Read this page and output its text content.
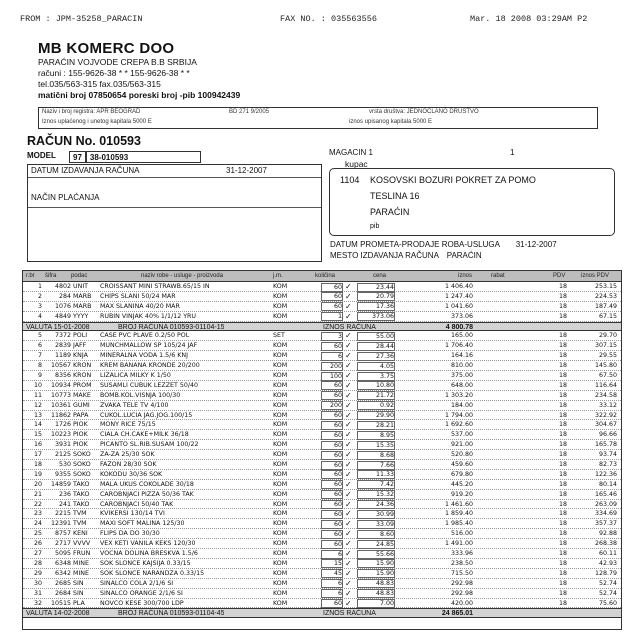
FROM : JPM-35258_PARACIN	FAX NO. : 035563556	Mar. 18 2008 03:29AM P2
MB KOMERC DOO
PARAĆIN VOJVODE CREPA B.B SRBIJA
računi : 155-9626-38 * * 155-9626-38 * *
tel.035/563-315 fax.035/563-315
matični broj 07850654 poreski broj -pib 100942439
Naziv i broj registra: APR BEOGRAD	BD 271 9/2005	vrsta društva: JEDNOČLANO DRUŠTVO
Iznos uplaćenog i unetog kapitala 5000 E	iznos upisanog kapitala 5000 E
RAČUN No. 010593
MODEL	97	38-010593
DATUM IZDAVANJA RAČUNA	31-12-2007
NAČIN PLAĆANJA
MAGACIN 1	1
kupac
1104 KOSOVSKI BOZURI POKRET ZA POMO
TESLINA 16
PARAĆIN
pib
DATUM PROMETA-PRODAJE ROBA-USLUGA 31-12-2007
MESTO IZDAVANJA RAČUNA PARAĆIN
r.br šifra podac	naziv robe - usluge - proizvoda	j.m.	količina	cena	iznos	rabat	PDV	iznos PDV
1	4802 UNIT	CROISSANT MINI STRAWB.65/15 IN	KOM	60	23.44	1 406.40	18	253.15
✓
2	284 MARB	CHIPS SLANI 50/24 MAR	KOM	60	20.79	1 247.40	18	224.53
✓
3	1076 MARB	MAX SLANINA 40/20 MAR	KOM	60	17.36	1 041.60	18	187.49
✓
4	4849 YYYY	RUBIN VINJAK 40% 1/1/12 YRU	KOM	1	373.06	373.06	18	67.15
✓
VALUTA 15-01-2008	BROJ RAČUNA 010593-01104-15	IZNOS RAČUNA	4 800.78
5	7372 POLI	CASE PVC PLAVE 0.2/50 POL	SET	3	55.00	165.00	18	29.70
✓
6	2839 JAFF	MUNCHMALLOW SP 105/24 JAF	KOM	60	28.44	1 706.40	18	307.15
✓
7	1189 KNJA	MINERALNA VODA 1.5/6 KNJ	KOM	6	27.36	164.16	18	29.55
✓
8	10567 KRON	KREM BANANA KRONDE 20/200	KOM	200	4.05	810.00	18	145.80
✓
9	8356 KRON	LIZALICA MILKY K 1/50	KOM	100	3.75	375.00	18	67.50
✓
10	10934 PROM	SUSAMLI CUBUK LEZZET 50/40	KOM	60	10.80	648.00	18	116.64
✓
11	10773 MAKE	BOMB.KOL.VISNJA 100/30	KOM	60	21.72	1 303.20	18	234.58
✓
12	10361 GUMI	ZVAKA TELE TV 4/100	KOM	200	0.92	184.00	18	33.12
✓
13	11862 PAPA	CUKOL.LUCIA JAG.JOG.100/15	KOM	60	29.90	1 794.00	18	322.92
✓
14	1726 PIOK	MONY RICE 75/15	KOM	60	28.21	1 692.60	18	304.67
✓
15	10223 PIOK	CIALA CH.CAKE+MILK 36/18	KOM	60	8.95	537.00	18	96.66
✓
16	3931 PIOK	PICANTO SL.RIB.SUSAM 100/22	KOM	60	15.35	921.00	18	165.78
✓
17	2125 SOKO	ZA-ZA 25/30 SOK	KOM	60	8.68	520.80	18	93.74
✓
18	530 SOKO	FAZON 28/30 SOK	KOM	60	7.66	459.60	18	82.73
✓
19	9355 SOKO	KOKODU 30/36 SOK	KOM	60	11.33	679.80	18	122.36
✓
20	14859 TAKO	MALA UKUS COKOLADE 30/18	KOM	60	7.42	445.20	18	80.14
✓
21	236 TAKO	CAROBNJACI PIZZA 50/36 TAK	KOM	60	15.32	919.20	18	165.46
✓
22	241 TAKO	CAROBNJACI 50/40 TAK	KOM	60	24.36	1 461.60	18	263.09
✓
23	2215 TVM	KVIKERSI 130/14 TVI	KOM	60	30.99	1 859.40	18	334.69
✓
24	12391 TVM	MAXI SOFT MALINA 125/30	KOM	60	33.09	1 985.40	18	357.37
✓
25	8757 KENI	FLIPS DA DO 30/30	KOM	60	8.60	516.00	18	92.88
✓
26	2717 VVVV	VEX KETI VANILA KEKS 120/30	KOM	60	24.85	1 491.00	18	268.38
✓
27	5095 FRUN	VOCNA DOLINA BRESKVA 1.5/6	KOM	6	55.66	333.96	18	60.11
✓
28	6348 MINE	SOK SLONCE KAJSIJA 0.33/15	KOM	15	15.90	238.50	18	42.93
✓
29	6342 MINE	SOK SLONCE NARANDZA 0.33/15	KOM	45	15.90	715.50	18	128.79
✓
30	2685 SIN	SINALCO COLA 2/1/6 SI	KOM	6	48.83	292.98	18	52.74
✓
31	2684 SIN	SINALCO ORANGE 2/1/6 SI	KOM	6	48.83	292.98	18	52.74
✓
32	10515 PLA	NOVCO KESE 300/700 LDP	KOM	60	7.00	420.00	18	75.60
✓
VALUTA 14-02-2008	BROJ RAČUNA 010593-01104-45	IZNOS RAČUNA	24 865.01
